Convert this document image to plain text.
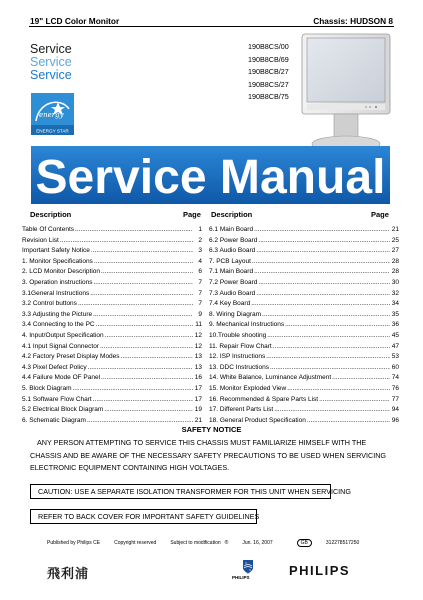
19" LCD Color Monitor	Chassis: HUDSON 8
Service
Service
Service
190B8CS/00
190B8CB/69
190B8CB/27
190B8CS/27
190B8CB/75
energy
ENERGY STAR
Service Manual
Description	Page Description	Page
Table Of Contents .....	1
Revision List .....	2
Important Safety Notice .....	3
1. Monitor Specifications .....	4
2. LCD Monitor Description .....	6
3. Operation instructions .....	7
3.1General Instructions .....	7
3.2 Control buttons .....	7
3.3 Adjusting the Picture .....	9
3.4 Connecting to the PC .....	11
4. Input/Output Specification .....	12
4.1 Input Signal Connector .....	12
4.2 Factory Preset Display Modes .....	13
4.3 Pixel Defect Policy .....	13
4.4 Failure Mode OF Panel .....	16
5. Block Diagram .....	17
5.1 Software Flow Chart .....	17
5.2 Electrical Block Diagram .....	19
6. Schematic Diagram .....	21
6.1 Main Board .....	21
6.2 Power Board .....	25
6.3 Audio Board .....	27
7. PCB Layout .....	28
7.1 Main Board .....	28
7.2 Power Board .....	30
7.3 Audio Board .....	32
7.4 Key Board .....	34
8. Wiring Diagram .....	35
9. Mechanical Instructions .....	36
10.Trouble shooting .....	45
11. Repair Flow Chart .....	47
12. ISP Instructions .....	53
13. DDC Instructions .....	60
14. White Balance, Luminance Adjustment .....	74
15. Monitor Exploded View .....	76
16. Recommended & Spare Parts List .....	77
17. Different Parts List .....	94
18. General Product Specification .....	96
SAFETY NOTICE
ANY PERSON ATTEMPTING TO SERVICE THIS CHASSIS MUST FAMILIARIZE HIMSELF WITH THE
CHASSIS AND BE AWARE OF THE NECESSARY SAFETY PRECAUTIONS TO BE USED WHEN SERVICING
ELECTRONIC EQUIPMENT CONTAINING HIGH VOLTAGES.
CAUTION: USE A SEPARATE ISOLATION TRANSFORMER FOR THIS UNIT WHEN SERVICING
REFER TO BACK COVER FOR IMPORTANT SAFETY GUIDELINES
Published by Philips CE	Copyright reserved	Subject to modification ®	Jun. 16, 2007	GB	312278517250
飛利浦	PHILIPS	PHILIPS
